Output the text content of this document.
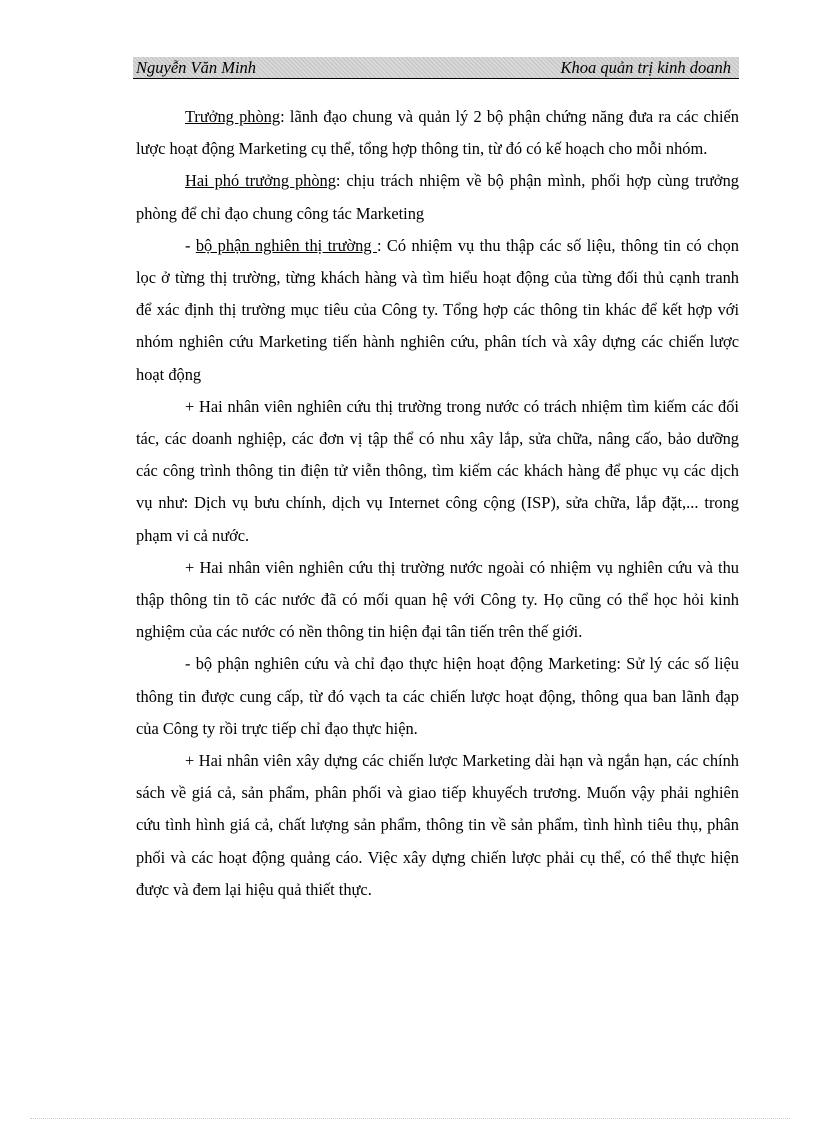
Nguyễn Văn Minh	Khoa quản trị kinh doanh

Trưởng phòng: lãnh đạo chung và quản lý 2 bộ phận chứng năng đưa ra các chiến lược hoạt động Marketing cụ thể, tổng hợp thông tin, từ đó có kế hoạch cho mỗi nhóm.

Hai phó trưởng phòng: chịu trách nhiệm về bộ phận mình, phối hợp cùng trưởng phòng để chỉ đạo chung công tác Marketing

- bộ phận nghiên thị trường : Có nhiệm vụ thu thập các số liệu, thông tin có chọn lọc ở từng thị trường, từng khách hàng và tìm hiểu hoạt động của từng đối thủ cạnh tranh để xác định thị trường mục tiêu của Công ty. Tổng hợp các thông tin khác để kết hợp với nhóm nghiên cứu Marketing tiến hành nghiên cứu, phân tích và xây dựng các chiến lược hoạt động

+ Hai nhân viên nghiên cứu thị trường trong nước có trách nhiệm tìm kiếm các đối tác, các doanh nghiệp, các đơn vị tập thể có nhu xây lắp, sửa chữa, nâng cấo, bảo dưỡng các công trình thông tin điện tử viễn thông, tìm kiếm các khách hàng để phục vụ các dịch vụ như: Dịch vụ bưu chính, dịch vụ Internet công cộng (ISP), sửa chữa, lắp đặt,... trong phạm vi cả nước.

+ Hai nhân viên nghiên cứu thị trường nước ngoài có nhiệm vụ nghiên cứu và thu thập thông tin tõ các nước đã có mối quan hệ với Công ty. Họ cũng có thể học hỏi kinh nghiệm của các nước có nền thông tin hiện đại tân tiến trên thế giới.

- bộ phận nghiên cứu và chỉ đạo thực hiện hoạt động Marketing: Sử lý các số liệu thông tin được cung cấp, từ đó vạch ta các chiến lược hoạt động, thông qua ban lãnh đạp của Công ty rồi trực tiếp chỉ đạo thực hiện.

+ Hai nhân viên xây dựng các chiến lược Marketing dài hạn và ngắn hạn, các chính sách về giá cả, sản phẩm, phân phối và giao tiếp khuyếch trương. Muốn vậy phải nghiên cứu tình hình giá cả, chất lượng sản phẩm, thông tin về sản phẩm, tình hình tiêu thụ, phân phối và các hoạt động quảng cáo. Việc xây dựng chiến lược phải cụ thể, có thể thực hiện được và đem lại hiệu quả thiết thực.
